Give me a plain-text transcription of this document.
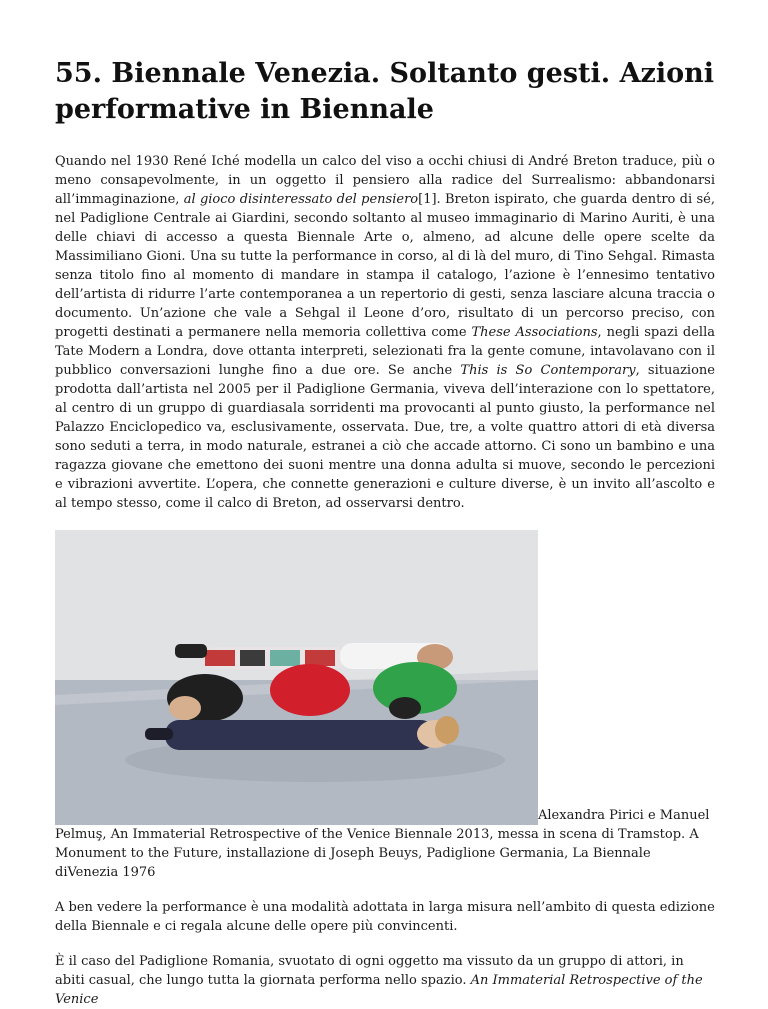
55. Biennale Venezia. Soltanto gesti. Azioni performative in Biennale

Quando nel 1930 René Iché modella un calco del viso a occhi chiusi di André Breton traduce, più o meno consapevolmente, in un oggetto il pensiero alla radice del Surrealismo: abbandonarsi all’immaginazione, al gioco disinteressato del pensiero[1]. Breton ispirato, che guarda dentro di sé, nel Padiglione Centrale ai Giardini, secondo soltanto al museo immaginario di Marino Auriti, è una delle chiavi di accesso a questa Biennale Arte o, almeno, ad alcune delle opere scelte da Massimiliano Gioni. Una su tutte la performance in corso, al di là del muro, di Tino Sehgal. Rimasta senza titolo fino al momento di mandare in stampa il catalogo, l’azione è l’ennesimo tentativo dell’artista di ridurre l’arte contemporanea a un repertorio di gesti, senza lasciare alcuna traccia o documento. Un’azione che vale a Sehgal il Leone d’oro, risultato di un percorso preciso, con progetti destinati a permanere nella memoria collettiva come These Associations, negli spazi della Tate Modern a Londra, dove ottanta interpreti, selezionati fra la gente comune, intavolavano con il pubblico conversazioni lunghe fino a due ore. Se anche This is So Contemporary, situazione prodotta dall’artista nel 2005 per il Padiglione Germania, viveva dell’interazione con lo spettatore, al centro di un gruppo di guardiasala sorridenti ma provocanti al punto giusto, la performance nel Palazzo Enciclopedico va, esclusivamente, osservata. Due, tre, a volte quattro attori di età diversa sono seduti a terra, in modo naturale, estranei a ciò che accade attorno. Ci sono un bambino e una ragazza giovane che emettono dei suoni mentre una donna adulta si muove, secondo le percezioni e vibrazioni avvertite. L’opera, che connette generazioni e culture diverse, è un invito all’ascolto e al tempo stesso, come il calco di Breton, ad osservarsi dentro.

Alexandra Pirici e Manuel

Pelmuş, An Immaterial Retrospective of the Venice Biennale 2013, messa in scena di Tramstop. A Monument to the Future, installazione di Joseph Beuys, Padiglione Germania, La Biennale diVenezia 1976

A ben vedere la performance è una modalità adottata in larga misura nell’ambito di questa edizione della Biennale e ci regala alcune delle opere più convincenti.

È il caso del Padiglione Romania, svuotato di ogni oggetto ma vissuto da un gruppo di attori, in abiti casual, che lungo tutta la giornata performa nello spazio. An Immaterial Retrospective of the Venice
